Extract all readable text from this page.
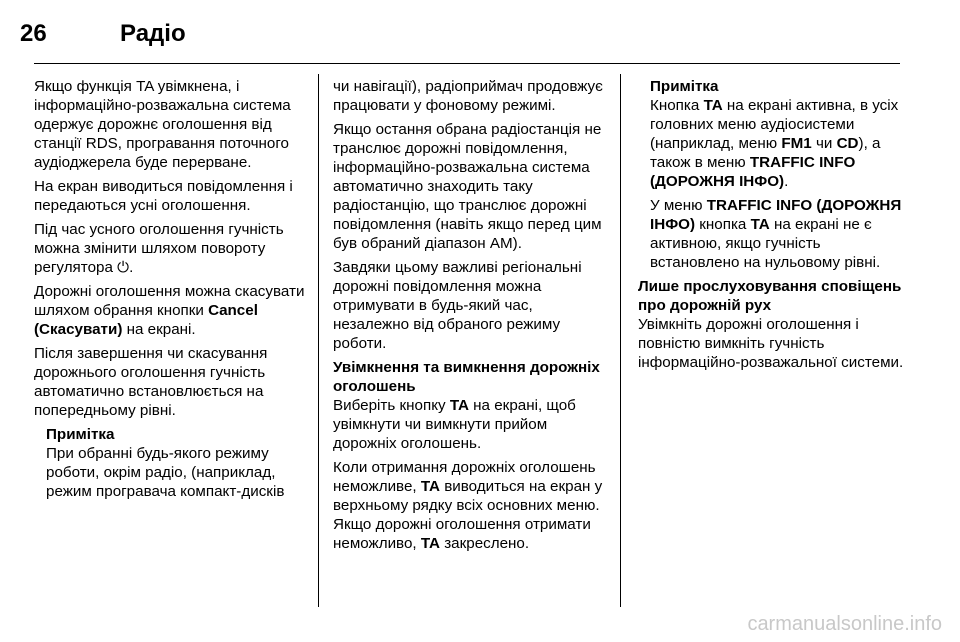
26	Радіо

Якщо функція TA увімкнена, і інформаційно-розважальна система одержує дорожнє оголошення від станції RDS, програвання поточного аудіоджерела буде перерване.

На екран виводиться повідомлення і передаються усні оголошення.

Під час усного оголошення гучність можна змінити шляхом повороту регулятора ⏻.

Дорожні оголошення можна скасувати шляхом обрання кнопки Cancel (Скасувати) на екрані.

Після завершення чи скасування дорожнього оголошення гучність автоматично встановлюється на попередньому рівні.

Примітка

При обранні будь-якого режиму роботи, окрім радіо, (наприклад, режим програвача компакт-дисків

чи навігації), радіоприймач продовжує працювати у фоновому режимі.

Якщо остання обрана радіостанція не транслює дорожні повідомлення, інформаційно-розважальна система автоматично знаходить таку радіостанцію, що транслює дорожні повідомлення (навіть якщо перед цим був обраний діапазон AM).

Завдяки цьому важливі регіональні дорожні повідомлення можна отримувати в будь-який час, незалежно від обраного режиму роботи.

Увімкнення та вимкнення дорожніх оголошень

Виберіть кнопку TA на екрані, щоб увімкнути чи вимкнути прийом дорожніх оголошень.

Коли отримання дорожніх оголошень неможливе, TA виводиться на екран у верхньому рядку всіх основних меню. Якщо дорожні оголошення отримати неможливо, TA закреслено.

Примітка

Кнопка TA на екрані активна, в усіх головних меню аудіосистеми (наприклад, меню FM1 чи CD), а також в меню TRAFFIC INFO (ДОРОЖНЯ ІНФО).

У меню TRAFFIC INFO (ДОРОЖНЯ ІНФО) кнопка TA на екрані не є активною, якщо гучність встановлено на нульовому рівні.

Лише прослуховування сповіщень про дорожній рух

Увімкніть дорожні оголошення і повністю вимкніть гучність інформаційно-розважальної системи.

carmanualsonline.info
